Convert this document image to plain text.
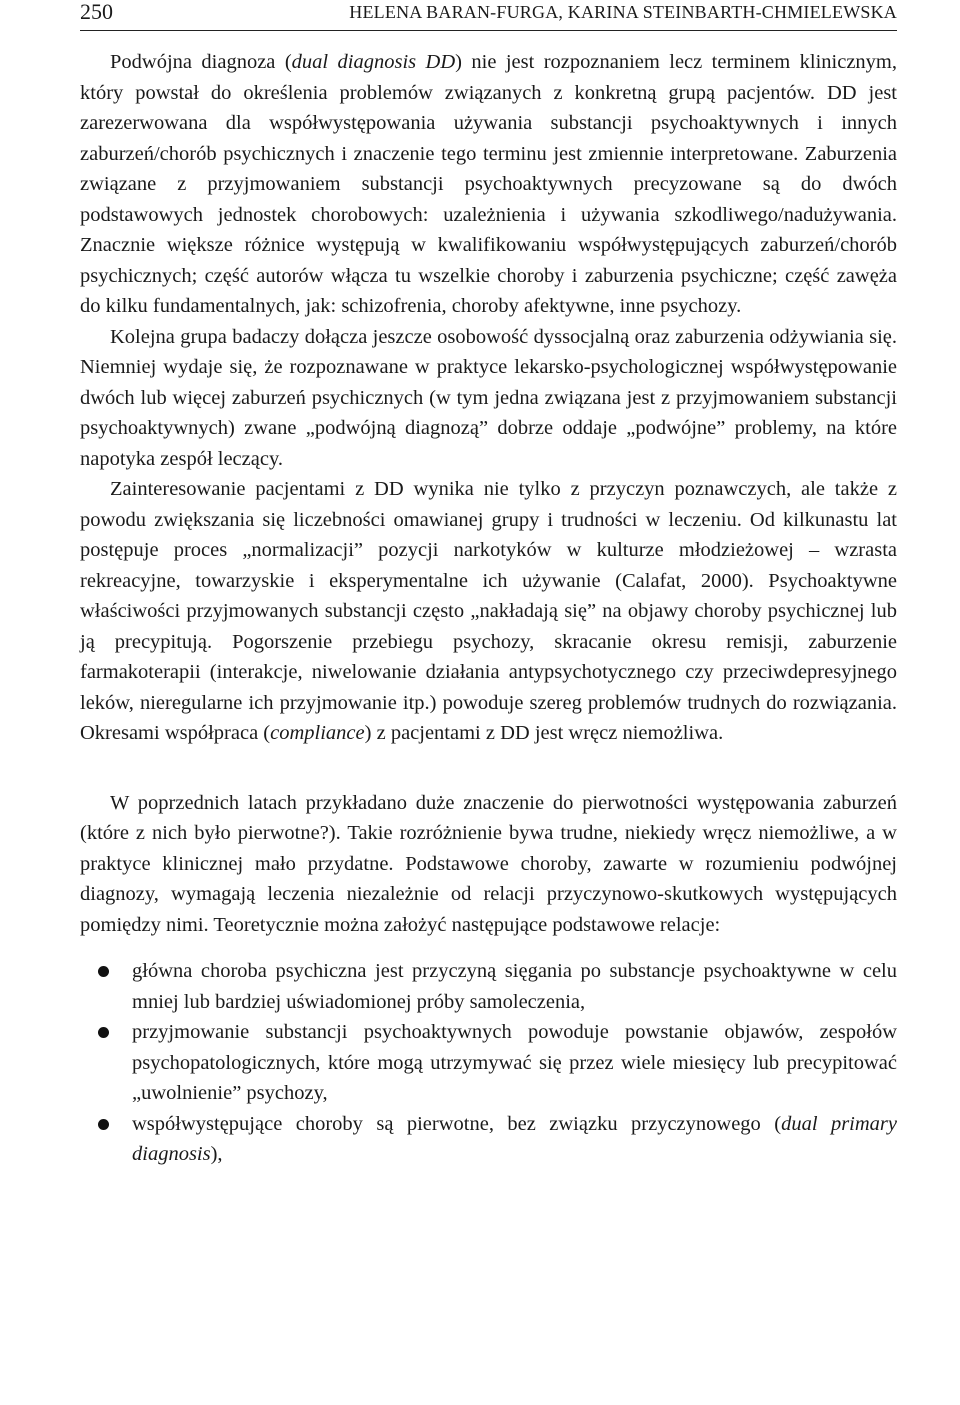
250	HELENA BARAN-FURGA, KARINA STEINBARTH-CHMIELEWSKA

Podwójna diagnoza (dual diagnosis DD) nie jest rozpoznaniem lecz terminem klinicznym, który powstał do określenia problemów związanych z konkretną grupą pacjentów. DD jest zarezerwowana dla współwystępowania używania substancji psychoaktywnych i innych zaburzeń/chorób psychicznych i znaczenie tego terminu jest zmiennie interpretowane. Zaburzenia związane z przyjmowaniem substancji psychoaktywnych precyzowane są do dwóch podstawowych jednostek chorobowych: uzależnienia i używania szkodliwego/nadużywania. Znacznie większe różnice występują w kwalifikowaniu współwystępujących zaburzeń/chorób psychicznych; część autorów włącza tu wszelkie choroby i zaburzenia psychiczne; część zawęża do kilku fundamentalnych, jak: schizofrenia, choroby afektywne, inne psychozy.

Kolejna grupa badaczy dołącza jeszcze osobowość dyssocjalną oraz zaburzenia odżywiania się. Niemniej wydaje się, że rozpoznawane w praktyce lekarsko-psychologicznej współwystępowanie dwóch lub więcej zaburzeń psychicznych (w tym jedna związana jest z przyjmowaniem substancji psychoaktywnych) zwane „podwójną diagnozą” dobrze oddaje „podwójne” problemy, na które napotyka zespół leczący.

Zainteresowanie pacjentami z DD wynika nie tylko z przyczyn poznawczych, ale także z powodu zwiększania się liczebności omawianej grupy i trudności w leczeniu. Od kilkunastu lat postępuje proces „normalizacji” pozycji narkotyków w kulturze młodzieżowej – wzrasta rekreacyjne, towarzyskie i eksperymentalne ich używanie (Calafat, 2000). Psychoaktywne właściwości przyjmowanych substancji często „nakładają się” na objawy choroby psychicznej lub ją precypitują. Pogorszenie przebiegu psychozy, skracanie okresu remisji, zaburzenie farmakoterapii (interakcje, niwelowanie działania antypsychotycznego czy przeciwdepresyjnego leków, nieregularne ich przyjmowanie itp.) powoduje szereg problemów trudnych do rozwiązania. Okresami współpraca (compliance) z pacjentami z DD jest wręcz niemożliwa.

W poprzednich latach przykładano duże znaczenie do pierwotności występowania zaburzeń (które z nich było pierwotne?). Takie rozróżnienie bywa trudne, niekiedy wręcz niemożliwe, a w praktyce klinicznej mało przydatne. Podstawowe choroby, zawarte w rozumieniu podwójnej diagnozy, wymagają leczenia niezależnie od relacji przyczynowo-skutkowych występujących pomiędzy nimi. Teoretycznie można założyć następujące podstawowe relacje:

główna choroba psychiczna jest przyczyną sięgania po substancje psychoaktywne w celu mniej lub bardziej uświadomionej próby samoleczenia,
przyjmowanie substancji psychoaktywnych powoduje powstanie objawów, zespołów psychopatologicznych, które mogą utrzymywać się przez wiele miesięcy lub precypitować „uwolnienie” psychozy,
współwystępujące choroby są pierwotne, bez związku przyczynowego (dual primary diagnosis),
